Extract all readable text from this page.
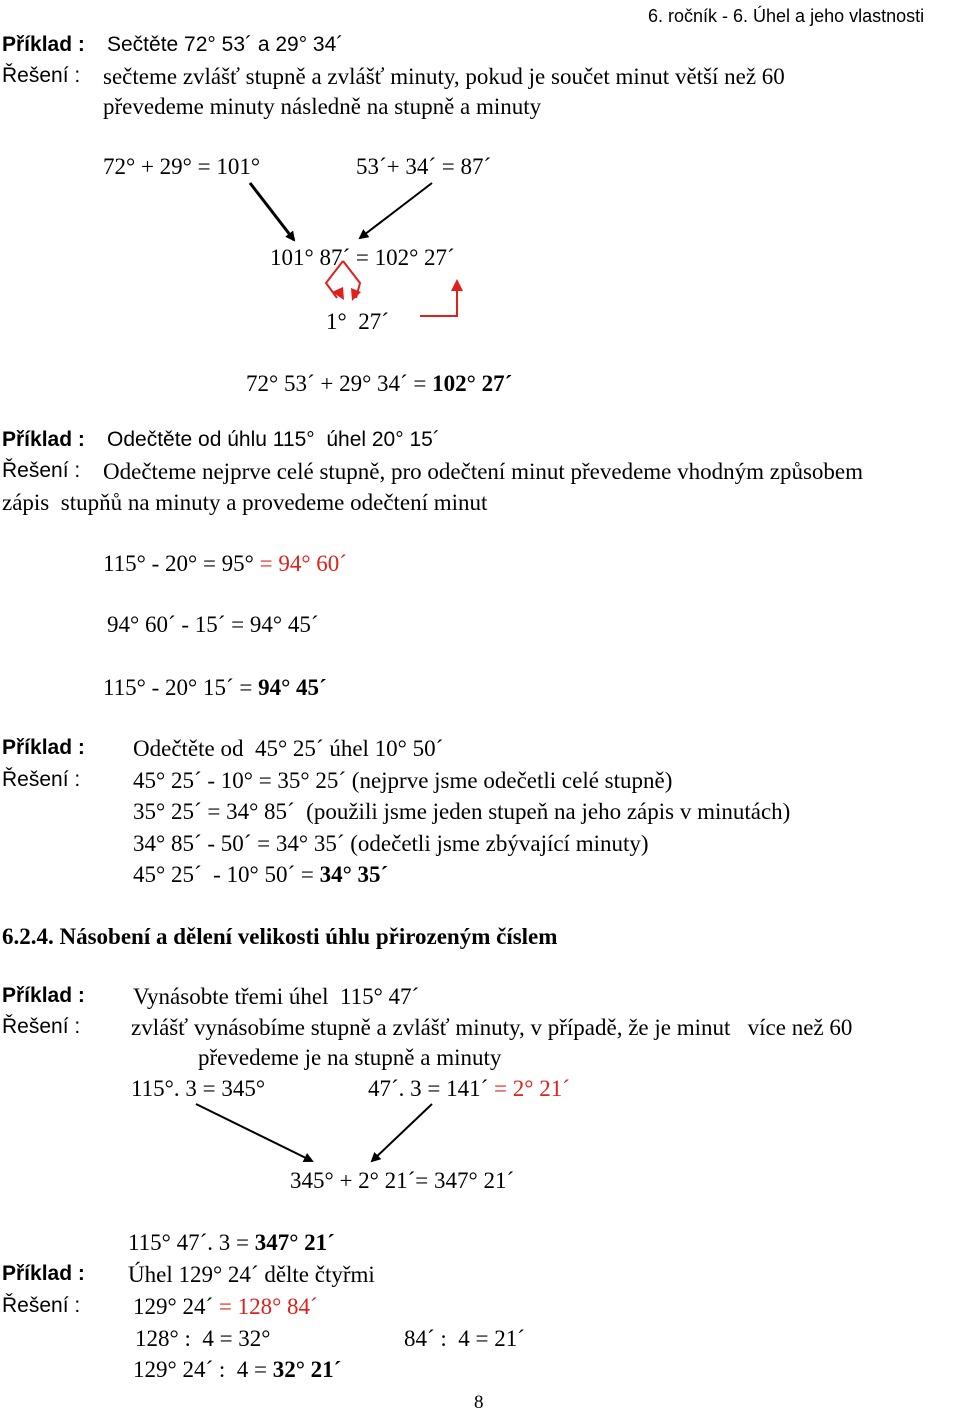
6. ročník - 6. Úhel a jeho vlastnosti
Příklad : Sečtěte 72° 53´ a 29° 34´
Řešení : sečteme zvlášť stupně a zvlášť minuty, pokud je součet minut větší než 60
převedeme minuty následně na stupně a minuty
72° + 29° = 101°	53´+ 34´ = 87´
101° 87´ = 102° 27´
1°  27´
72° 53´ + 29° 34´ = 102° 27´
Příklad : Odečtěte od úhlu 115°  úhel 20° 15´
Řešení : Odečteme nejprve celé stupně, pro odečtení minut převedeme vhodným způsobem
zápis  stupňů na minuty a provedeme odečtení minut
115° - 20° = 95° = 94° 60´
94° 60´ - 15´ = 94° 45´
115° - 20° 15´ = 94° 45´
Příklad : Odečtěte od  45° 25´ úhel 10° 50´
Řešení : 45° 25´ - 10° = 35° 25´ (nejprve jsme odečetli celé stupně)
35° 25´ = 34° 85´  (použili jsme jeden stupeň na jeho zápis v minutách)
34° 85´ - 50´ = 34° 35´ (odečetli jsme zbývající minuty)
45° 25´  - 10° 50´ = 34° 35´
6.2.4. Násobení a dělení velikosti úhlu přirozeným číslem
Příklad : Vynásobte třemi úhel  115° 47´
Řešení : zvlášť vynásobíme stupně a zvlášť minuty, v případě, že je minut   více než 60
převedeme je na stupně a minuty
115°. 3 = 345°	47´. 3 = 141´ = 2° 21´
345° + 2° 21´= 347° 21´
115° 47´. 3 = 347° 21´
Příklad : Úhel 129° 24´ dělte čtyřmi
Řešení : 129° 24´ = 128° 84´
128° :  4 = 32°	84´ :  4 = 21´
129° 24´ :  4 = 32° 21´
8
